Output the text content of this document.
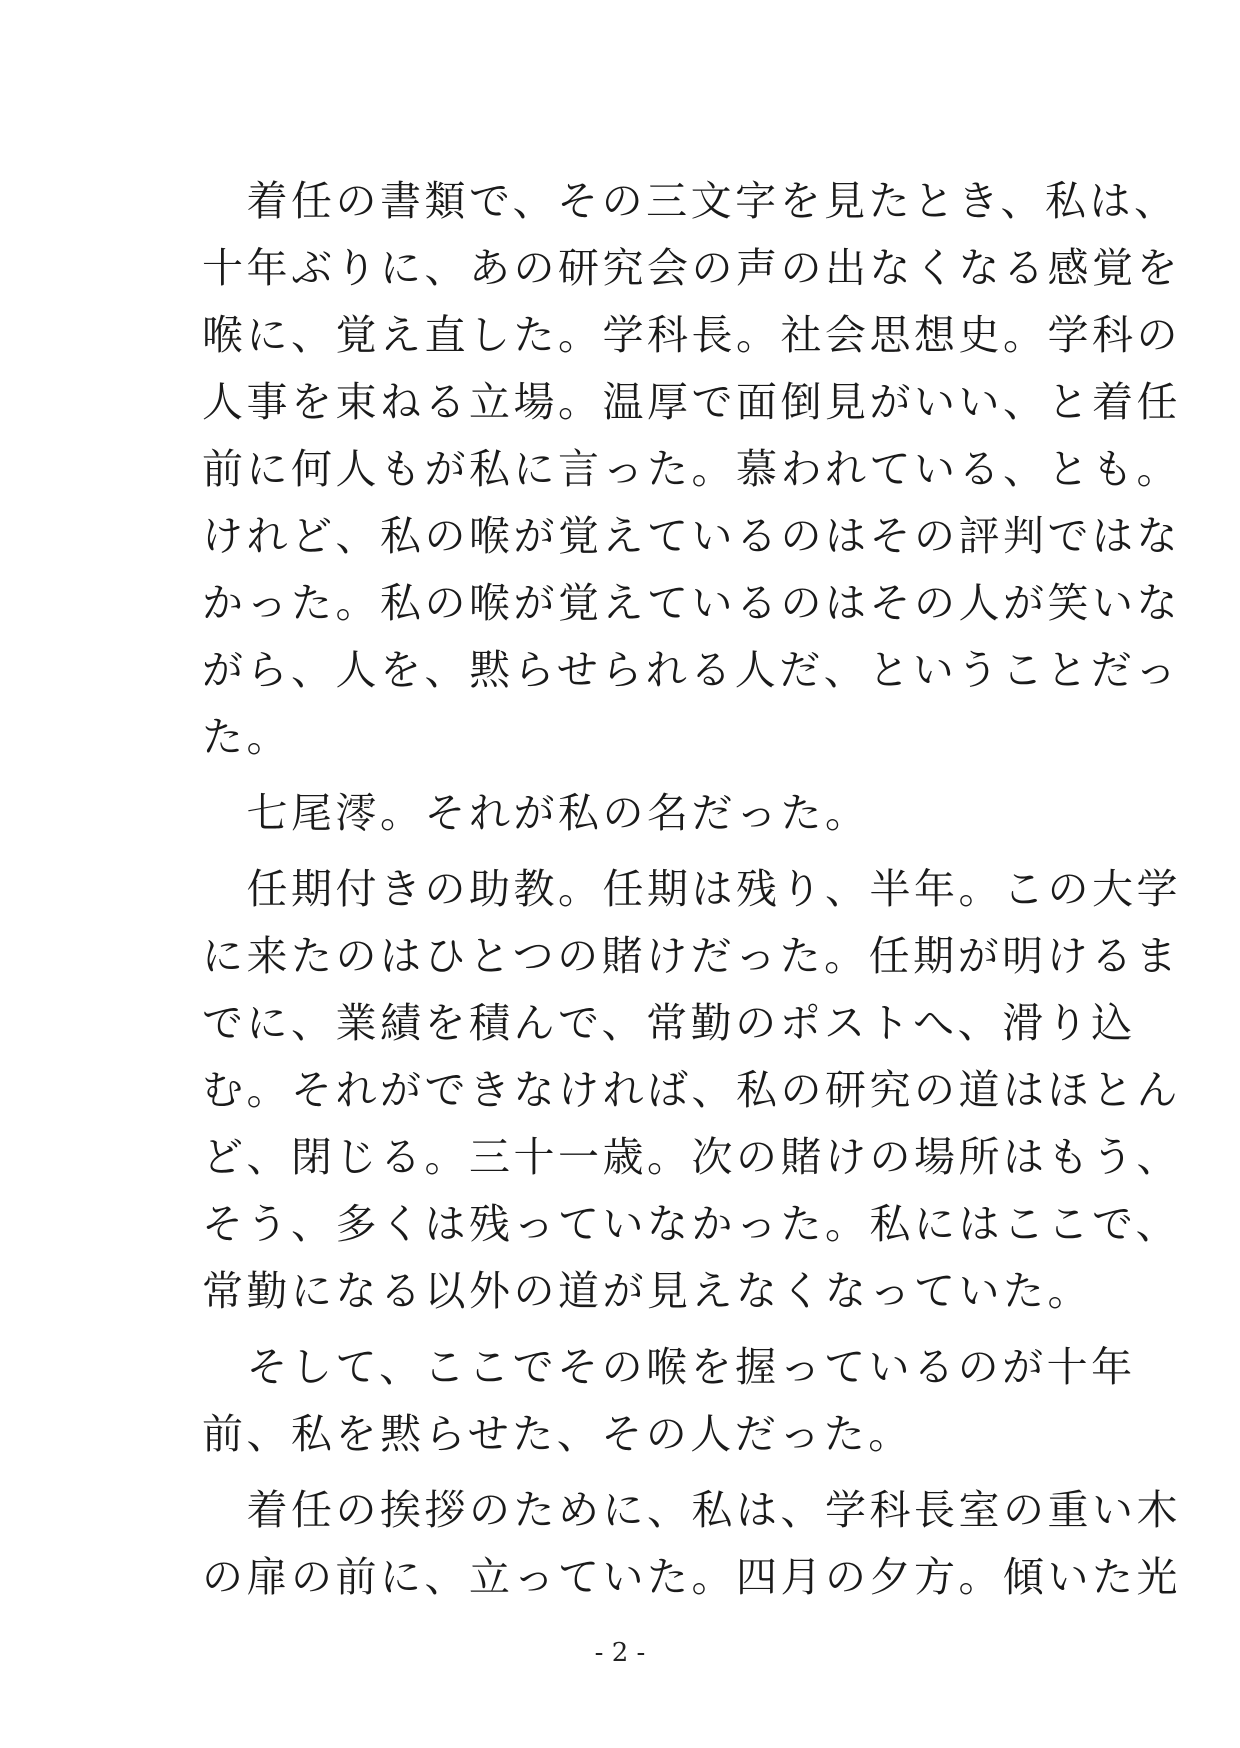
　着任の書類で、その三文字を見たとき、私は、
十年ぶりに、あの研究会の声の出なくなる感覚を
喉に、覚え直した。学科長。社会思想史。学科の
人事を束ねる立場。温厚で面倒見がいい、と着任
前に何人もが私に言った。慕われている、とも。
けれど、私の喉が覚えているのはその評判ではな
かった。私の喉が覚えているのはその人が笑いな
がら、人を、黙らせられる人だ、ということだっ
た。
　七尾澪。それが私の名だった。
　任期付きの助教。任期は残り、半年。この大学
に来たのはひとつの賭けだった。任期が明けるま
でに、業績を積んで、常勤のポストへ、滑り込
む。それができなければ、私の研究の道はほとん
ど、閉じる。三十一歳。次の賭けの場所はもう、
そう、多くは残っていなかった。私にはここで、
常勤になる以外の道が見えなくなっていた。
　そして、ここでその喉を握っているのが十年
前、私を黙らせた、その人だった。
　着任の挨拶のために、私は、学科長室の重い木
の扉の前に、立っていた。四月の夕方。傾いた光
- 2 -
